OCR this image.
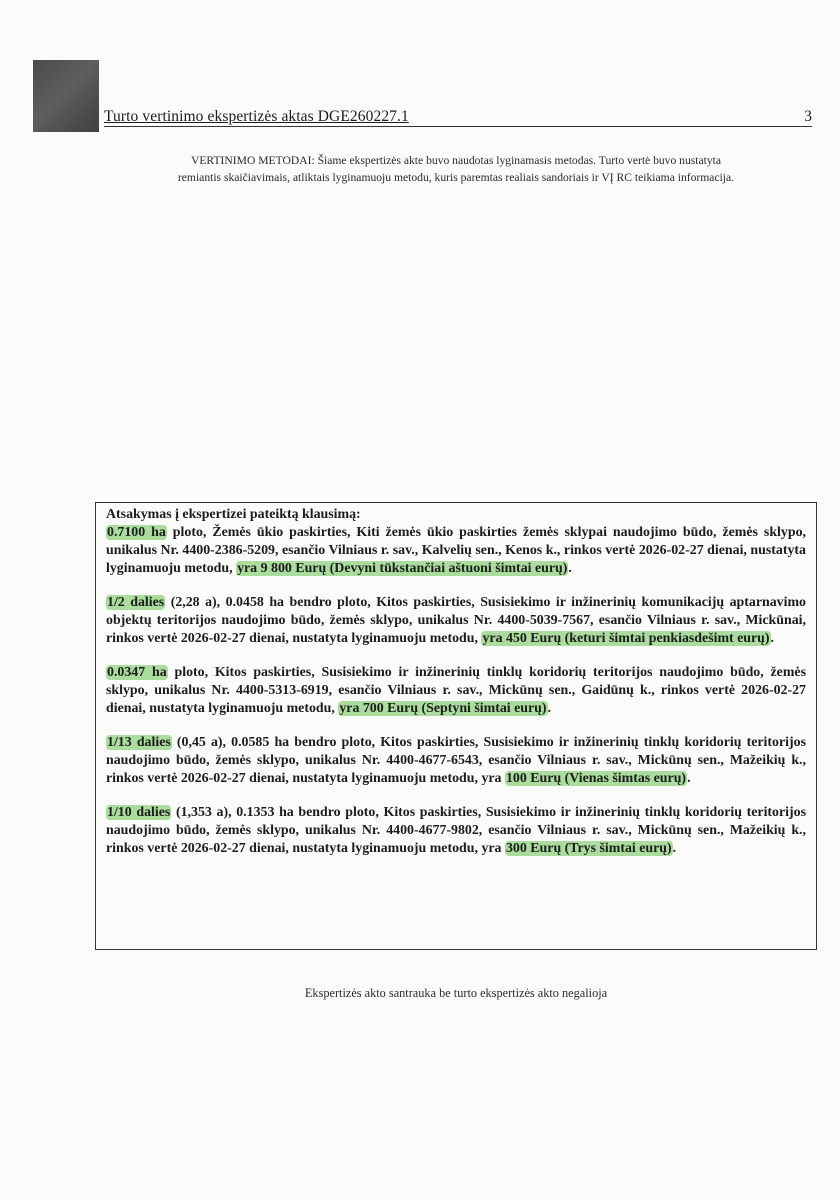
Turto vertinimo ekspertizės aktas DGE260227.1	3
VERTINIMO METODAI: Šiame ekspertizės akte buvo naudotas lyginamasis metodas. Turto vertė buvo nustatyta
remiantis skaičiavimais, atliktais lyginamuoju metodu, kuris paremtas realiais sandoriais ir VĮ RC teikiama informacija.

Atsakymas į ekspertizei pateiktą klausimą:

0.7100 ha ploto, Žemės ūkio paskirties, Kiti žemės ūkio paskirties žemės sklypai naudojimo būdo, žemės sklypo, unikalus Nr. 4400-2386-5209, esančio Vilniaus r. sav., Kalvelių sen., Kenos k., rinkos vertė 2026-02-27 dienai, nustatyta lyginamuoju metodu, yra 9 800 Eurų (Devyni tūkstančiai aštuoni šimtai eurų).

1/2 dalies (2,28 a), 0.0458 ha bendro ploto, Kitos paskirties, Susisiekimo ir inžinerinių komunikacijų aptarnavimo objektų teritorijos naudojimo būdo, žemės sklypo, unikalus Nr. 4400-5039-7567, esančio Vilniaus r. sav., Mickūnai, rinkos vertė 2026-02-27 dienai, nustatyta lyginamuoju metodu, yra 450 Eurų (keturi šimtai penkiasdešimt eurų).

0.0347 ha ploto, Kitos paskirties, Susisiekimo ir inžinerinių tinklų koridorių teritorijos naudojimo būdo, žemės sklypo, unikalus Nr. 4400-5313-6919, esančio Vilniaus r. sav., Mickūnų sen., Gaidūnų k., rinkos vertė 2026-02-27 dienai, nustatyta lyginamuoju metodu, yra 700 Eurų (Septyni šimtai eurų).

1/13 dalies (0,45 a), 0.0585 ha bendro ploto, Kitos paskirties, Susisiekimo ir inžinerinių tinklų koridorių teritorijos naudojimo būdo, žemės sklypo, unikalus Nr. 4400-4677-6543, esančio Vilniaus r. sav., Mickūnų sen., Mažeikių k., rinkos vertė 2026-02-27 dienai, nustatyta lyginamuoju metodu, yra 100 Eurų (Vienas šimtas eurų).

1/10 dalies (1,353 a), 0.1353 ha bendro ploto, Kitos paskirties, Susisiekimo ir inžinerinių tinklų koridorių teritorijos naudojimo būdo, žemės sklypo, unikalus Nr. 4400-4677-9802, esančio Vilniaus r. sav., Mickūnų sen., Mažeikių k., rinkos vertė 2026-02-27 dienai, nustatyta lyginamuoju metodu, yra 300 Eurų (Trys šimtai eurų).

Ekspertizės akto santrauka be turto ekspertizės akto negalioja
